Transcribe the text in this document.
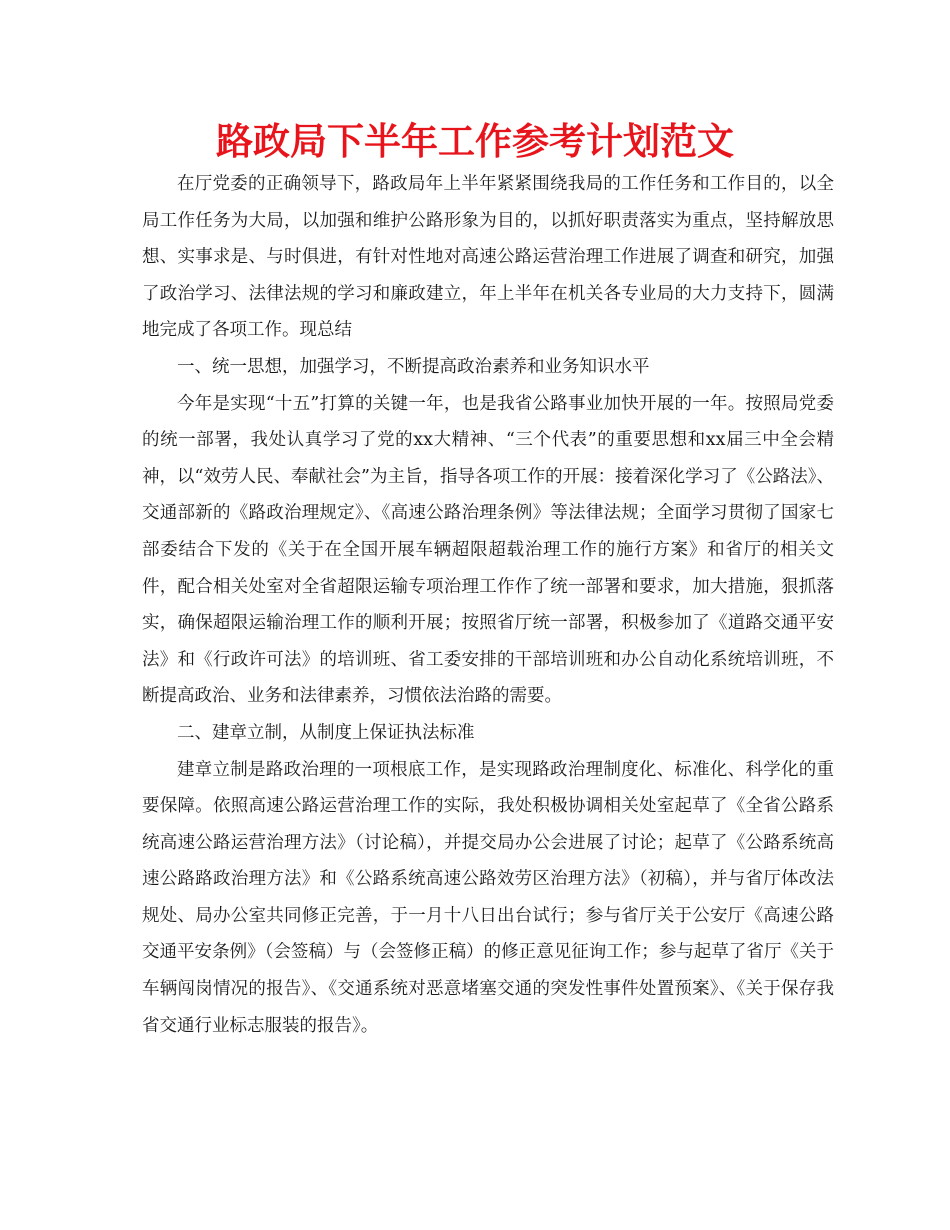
路政局下半年工作参考计划范文

在厅党委的正确领导下，路政局年上半年紧紧围绕我局的工作任务和工作目的，以全局工作任务为大局，以加强和维护公路形象为目的，以抓好职责落实为重点，坚持解放思想、实事求是、与时俱进，有针对性地对高速公路运营治理工作进展了调查和研究，加强了政治学习、法律法规的学习和廉政建立，年上半年在机关各专业局的大力支持下，圆满地完成了各项工作。现总结

一、统一思想，加强学习，不断提高政治素养和业务知识水平

今年是实现“十五”打算的关键一年，也是我省公路事业加快开展的一年。按照局党委的统一部署，我处认真学习了党的xx大精神、“三个代表”的重要思想和xx届三中全会精神，以“效劳人民、奉献社会”为主旨，指导各项工作的开展：接着深化学习了《公路法》、交通部新的《路政治理规定》、《高速公路治理条例》等法律法规；全面学习贯彻了国家七部委结合下发的《关于在全国开展车辆超限超载治理工作的施行方案》和省厅的相关文件，配合相关处室对全省超限运输专项治理工作作了统一部署和要求，加大措施，狠抓落实，确保超限运输治理工作的顺利开展；按照省厅统一部署，积极参加了《道路交通平安法》和《行政许可法》的培训班、省工委安排的干部培训班和办公自动化系统培训班，不断提高政治、业务和法律素养，习惯依法治路的需要。

二、建章立制，从制度上保证执法标准

建章立制是路政治理的一项根底工作，是实现路政治理制度化、标准化、科学化的重要保障。依照高速公路运营治理工作的实际，我处积极协调相关处室起草了《全省公路系统高速公路运营治理方法》（讨论稿），并提交局办公会进展了讨论；起草了《公路系统高速公路路政治理方法》和《公路系统高速公路效劳区治理方法》（初稿），并与省厅体改法规处、局办公室共同修正完善，于一月十八日出台试行；参与省厅关于公安厅《高速公路交通平安条例》（会签稿）与（会签修正稿）的修正意见征询工作；参与起草了省厅《关于车辆闯岗情况的报告》、《交通系统对恶意堵塞交通的突发性事件处置预案》、《关于保存我省交通行业标志服装的报告》。
